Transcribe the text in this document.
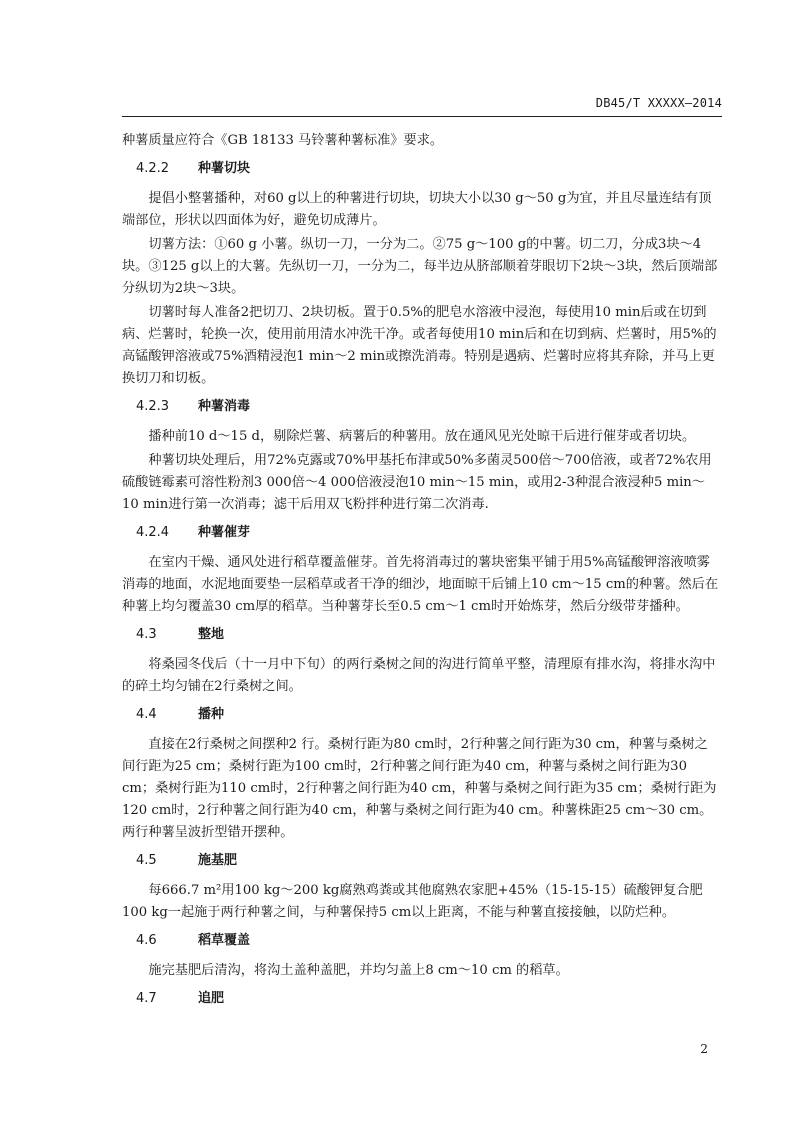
DB45/T XXXXX—2014

种薯质量应符合《GB 18133 马铃薯种薯标准》要求。

4.2.2 种薯切块

提倡小整薯播种，对60 g以上的种薯进行切块，切块大小以30 g～50 g为宜，并且尽量连结有顶端部位，形状以四面体为好，避免切成薄片。

切薯方法：①60 g 小薯。纵切一刀，一分为二。②75 g～100 g的中薯。切二刀，分成3块～4块。③125 g以上的大薯。先纵切一刀，一分为二，每半边从脐部顺着芽眼切下2块～3块，然后顶端部分纵切为2块～3块。

切薯时每人准备2把切刀、2块切板。置于0.5%的肥皂水溶液中浸泡，每使用10 min后或在切到病、烂薯时，轮换一次，使用前用清水冲洗干净。或者每使用10 min后和在切到病、烂薯时，用5%的高锰酸钾溶液或75%酒精浸泡1 min～2 min或擦洗消毒。特别是遇病、烂薯时应将其弃除，并马上更换切刀和切板。

4.2.3 种薯消毒

播种前10 d～15 d，剔除烂薯、病薯后的种薯用。放在通风见光处晾干后进行催芽或者切块。

种薯切块处理后，用72%克露或70%甲基托布津或50%多菌灵500倍～700倍液，或者72%农用硫酸链霉素可溶性粉剂3 000倍～4 000倍液浸泡10 min～15 min，或用2-3种混合液浸种5 min～10 min进行第一次消毒；滤干后用双飞粉拌种进行第二次消毒.

4.2.4 种薯催芽

在室内干燥、通风处进行稻草覆盖催芽。首先将消毒过的薯块密集平铺于用5%高锰酸钾溶液喷雾消毒的地面，水泥地面要垫一层稻草或者干净的细沙，地面晾干后铺上10 cm～15 cm的种薯。然后在种薯上均匀覆盖30 cm厚的稻草。当种薯芽长至0.5 cm～1 cm时开始炼芽，然后分级带芽播种。

4.3	整地

将桑园冬伐后（十一月中下旬）的两行桑树之间的沟进行简单平整，清理原有排水沟，将排水沟中的碎土均匀铺在2行桑树之间。

4.4	播种

直接在2行桑树之间摆种2 行。桑树行距为80 cm时，2行种薯之间行距为30 cm，种薯与桑树之间行距为25 cm；桑树行距为100 cm时，2行种薯之间行距为40 cm，种薯与桑树之间行距为30 cm；桑树行距为110 cm时，2行种薯之间行距为40 cm，种薯与桑树之间行距为35 cm；桑树行距为120 cm时，2行种薯之间行距为40 cm，种薯与桑树之间行距为40 cm。种薯株距25 cm～30 cm。两行种薯呈波折型错开摆种。

4.5	施基肥

每666.7 m²用100 kg～200 kg腐熟鸡粪或其他腐熟农家肥+45%（15-15-15）硫酸钾复合肥100 kg一起施于两行种薯之间，与种薯保持5 cm以上距离，不能与种薯直接接触，以防烂种。

4.6	稻草覆盖

施完基肥后清沟，将沟土盖种盖肥，并均匀盖上8 cm～10 cm 的稻草。

4.7	追肥
2
